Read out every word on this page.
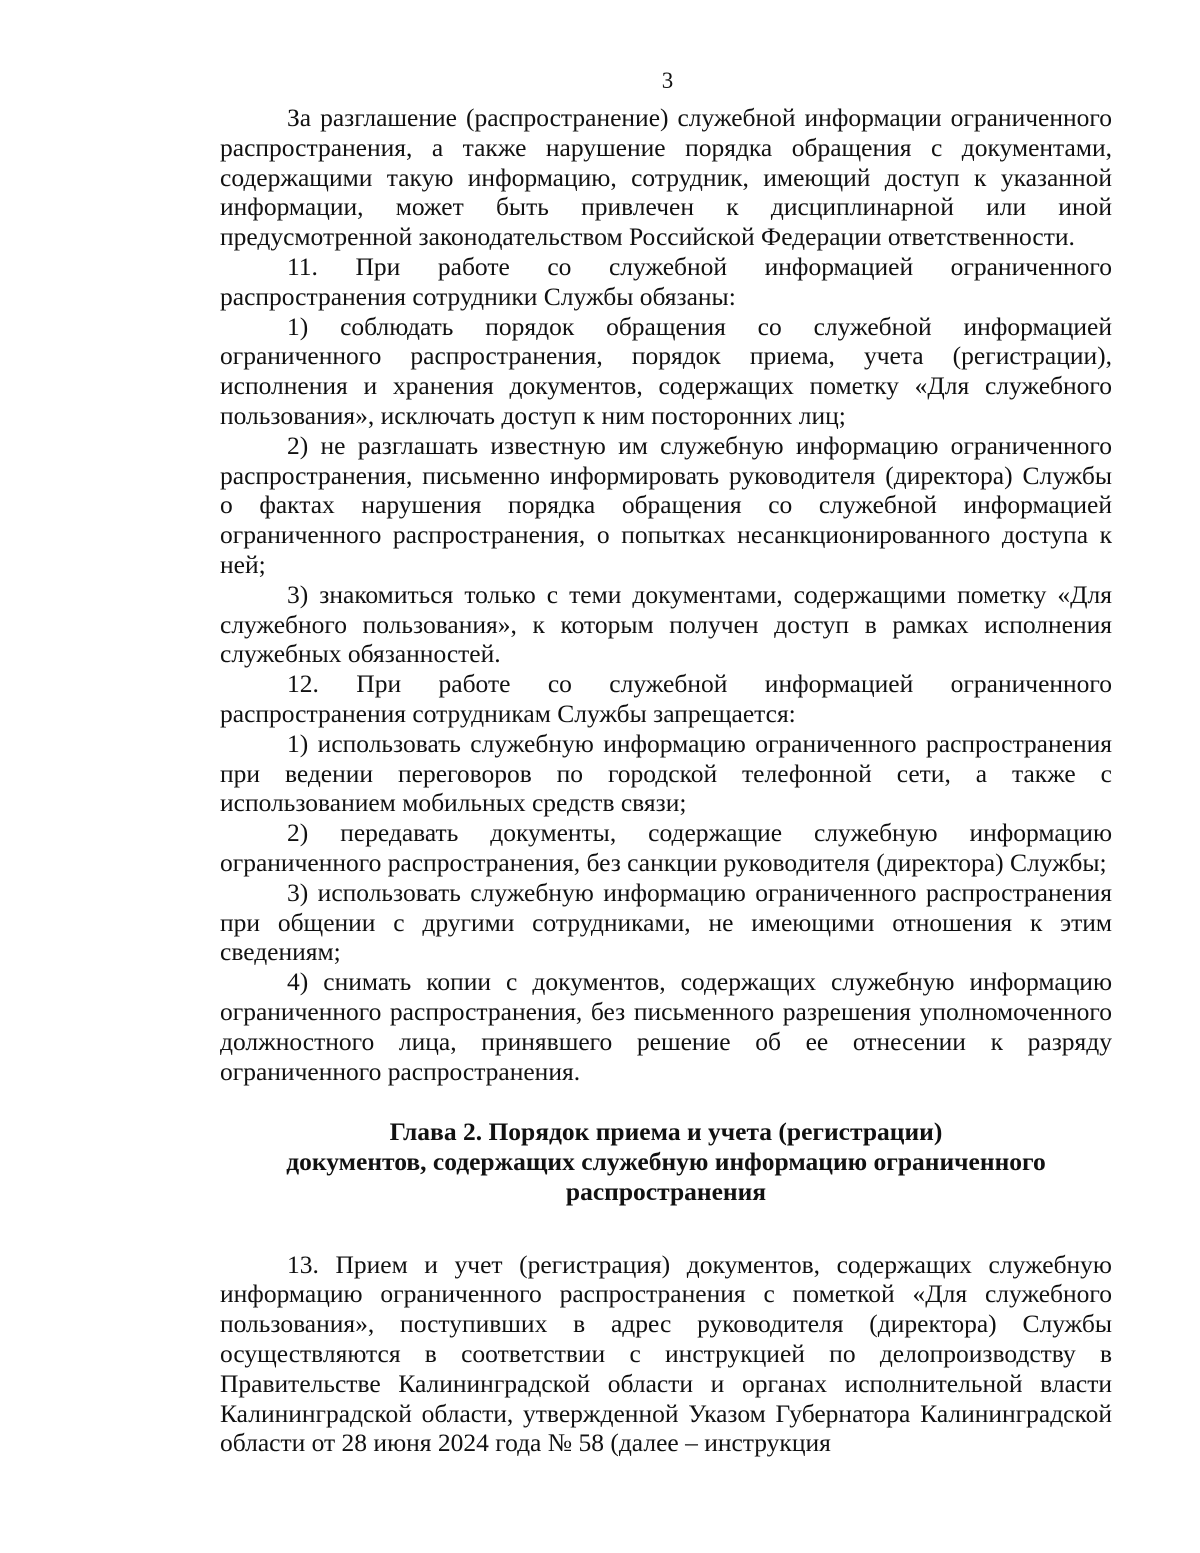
3

За разглашение (распространение) служебной информации ограниченного распространения, а также нарушение порядка обращения с документами, содержащими такую информацию, сотрудник, имеющий доступ к указанной информации, может быть привлечен к дисциплинарной или иной предусмотренной законодательством Российской Федерации ответственности.

11. При работе со служебной информацией ограниченного распространения сотрудники Службы обязаны:

1) соблюдать порядок обращения со служебной информацией ограниченного распространения, порядок приема, учета (регистрации), исполнения и хранения документов, содержащих пометку «Для служебного пользования», исключать доступ к ним посторонних лиц;

2) не разглашать известную им служебную информацию ограниченного распространения, письменно информировать руководителя (директора) Службы о фактах нарушения порядка обращения со служебной информацией ограниченного распространения, о попытках несанкционированного доступа к ней;

3) знакомиться только с теми документами, содержащими пометку «Для служебного пользования», к которым получен доступ в рамках исполнения служебных обязанностей.

12. При работе со служебной информацией ограниченного распространения сотрудникам Службы запрещается:

1) использовать служебную информацию ограниченного распространения при ведении переговоров по городской телефонной сети, а также с использованием мобильных средств связи;

2) передавать документы, содержащие служебную информацию ограниченного распространения, без санкции руководителя (директора) Службы;

3) использовать служебную информацию ограниченного распространения при общении с другими сотрудниками, не имеющими отношения к этим сведениям;

4) снимать копии с документов, содержащих служебную информацию ограниченного распространения, без письменного разрешения уполномоченного должностного лица, принявшего решение об ее отнесении к разряду ограниченного распространения.

Глава 2. Порядок приема и учета (регистрации)
документов, содержащих служебную информацию ограниченного
распространения

13. Прием и учет (регистрация) документов, содержащих служебную информацию ограниченного распространения с пометкой «Для служебного пользования», поступивших в адрес руководителя (директора) Службы осуществляются в соответствии с инструкцией по делопроизводству в Правительстве Калининградской области и органах исполнительной власти Калининградской области, утвержденной Указом Губернатора Калининградской области от 28 июня 2024 года № 58 (далее – инструкция
